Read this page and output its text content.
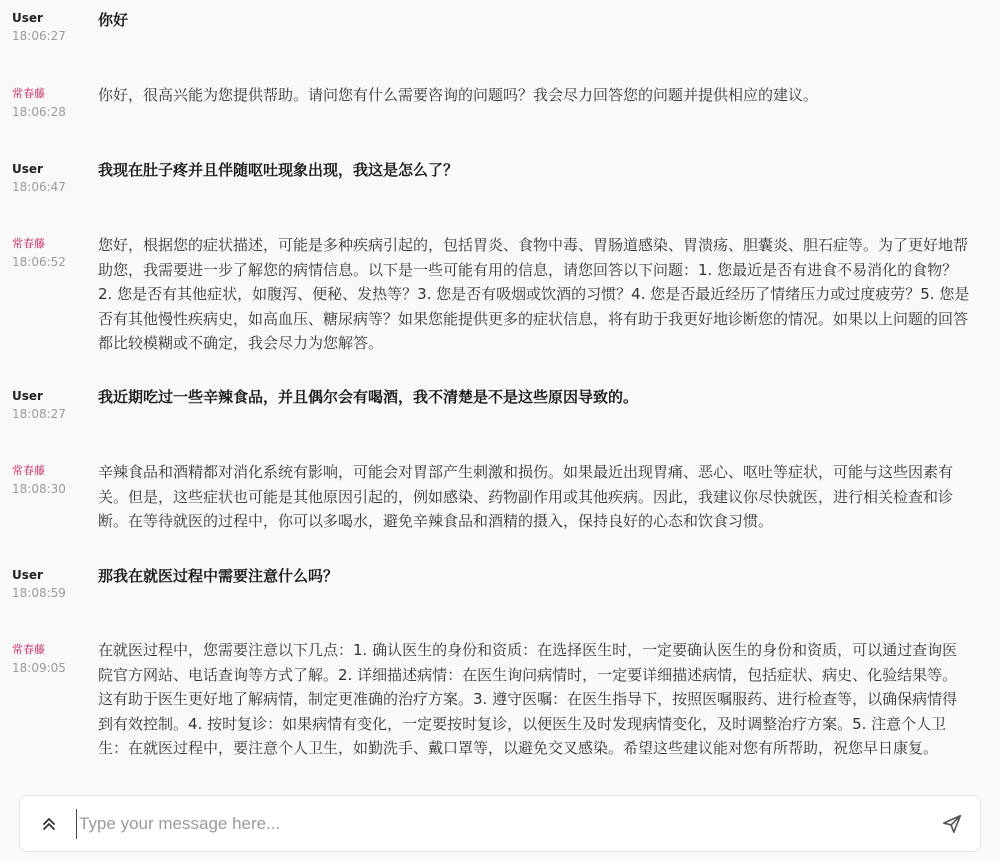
User
18:06:27
你好
常春藤
18:06:28
你好，很高兴能为您提供帮助。请问您有什么需要咨询的问题吗？我会尽力回答您的问题并提供相应的建议。
User
18:06:47
我现在肚子疼并且伴随呕吐现象出现，我这是怎么了？
常春藤
18:06:52
您好，根据您的症状描述，可能是多种疾病引起的，包括胃炎、食物中毒、胃肠道感染、胃溃疡、胆囊炎、胆石症等。为了更好地帮助您，我需要进一步了解您的病情信息。以下是一些可能有用的信息，请您回答以下问题：1. 您最近是否有进食不易消化的食物？2. 您是否有其他症状，如腹泻、便秘、发热等？3. 您是否有吸烟或饮酒的习惯？4. 您是否最近经历了情绪压力或过度疲劳？5. 您是否有其他慢性疾病史，如高血压、糖尿病等？如果您能提供更多的症状信息，将有助于我更好地诊断您的情况。如果以上问题的回答都比较模糊或不确定，我会尽力为您解答。
User
18:08:27
我近期吃过一些辛辣食品，并且偶尔会有喝酒，我不清楚是不是这些原因导致的。
常春藤
18:08:30
辛辣食品和酒精都对消化系统有影响，可能会对胃部产生刺激和损伤。如果最近出现胃痛、恶心、呕吐等症状，可能与这些因素有关。但是，这些症状也可能是其他原因引起的，例如感染、药物副作用或其他疾病。因此，我建议你尽快就医，进行相关检查和诊断。在等待就医的过程中，你可以多喝水，避免辛辣食品和酒精的摄入，保持良好的心态和饮食习惯。
User
18:08:59
那我在就医过程中需要注意什么吗？
常春藤
18:09:05
在就医过程中，您需要注意以下几点：1. 确认医生的身份和资质：在选择医生时，一定要确认医生的身份和资质，可以通过查询医院官方网站、电话查询等方式了解。2. 详细描述病情：在医生询问病情时，一定要详细描述病情，包括症状、病史、化验结果等。这有助于医生更好地了解病情，制定更准确的治疗方案。3. 遵守医嘱：在医生指导下，按照医嘱服药、进行检查等，以确保病情得到有效控制。4. 按时复诊：如果病情有变化，一定要按时复诊，以便医生及时发现病情变化，及时调整治疗方案。5. 注意个人卫生：在就医过程中，要注意个人卫生，如勤洗手、戴口罩等，以避免交叉感染。希望这些建议能对您有所帮助，祝您早日康复。
Type your message here...
